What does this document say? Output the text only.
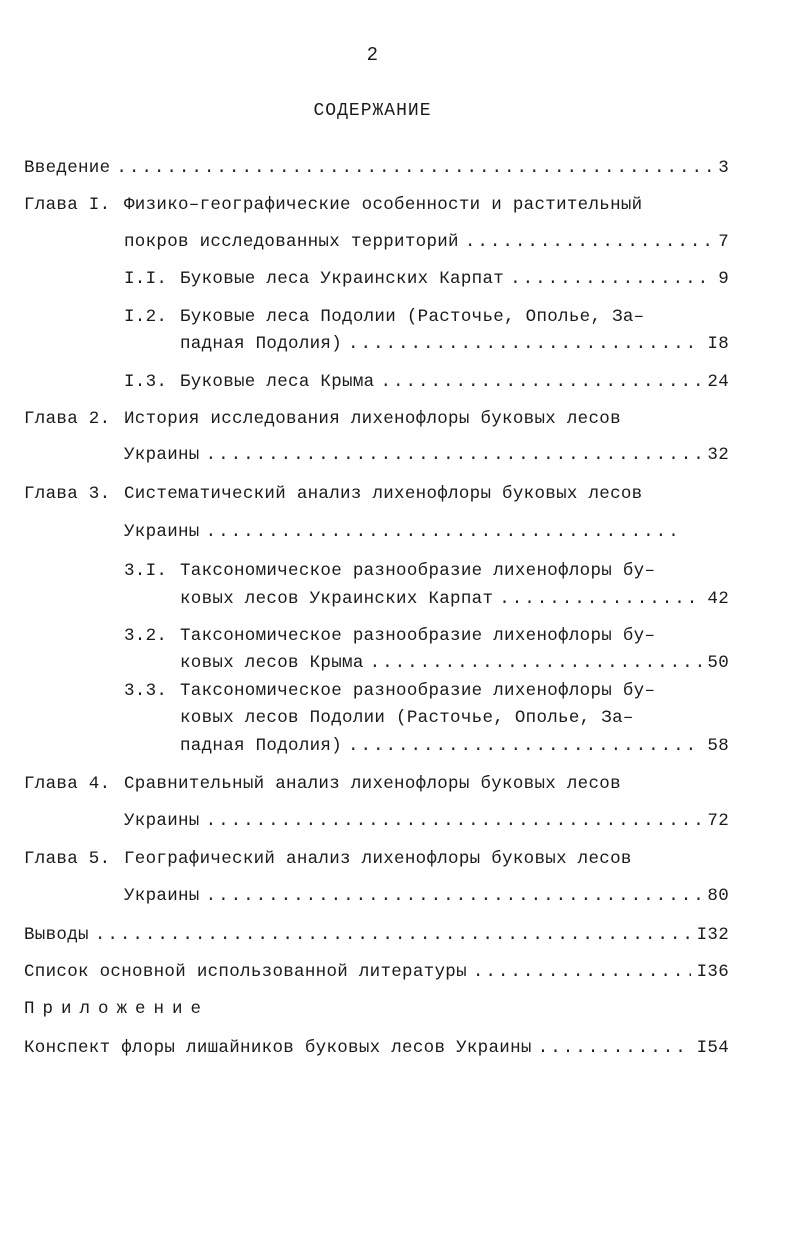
2
СОДЕРЖАНИЕ
Введение .....	3
Глава I. Физико–географические особенности и растительный
покров исследованных территорий .....	7
I.I. Буковые леса Украинских Карпат .....	9
I.2. Буковые леса Подолии (Расточье, Ополье, За–
падная Подолия) .....	I8
I.3. Буковые леса Крыма .....	24
Глава 2. История исследования лихенофлоры буковых лесов
Украины .....	32
Глава 3. Систематический анализ лихенофлоры буковых лесов
Украины
.....
3.I. Таксономическое разнообразие лихенофлоры бу–
ковых лесов Украинских Карпат .....	42
3.2. Таксономическое разнообразие лихенофлоры бу–
ковых лесов Крыма .....	50
3.3. Таксономическое разнообразие лихенофлоры бу–
ковых лесов Подолии (Расточье, Ополье, За–
падная Подолия) .....	58
Глава 4. Сравнительный анализ лихенофлоры буковых лесов
Украины .....	72
Глава 5. Географический анализ лихенофлоры буковых лесов
Украины .....	80
Выводы .....	I32
Список основной использованной литературы .....	I36
Приложение
Конспект флоры лишайников буковых лесов Украины .....	I54
